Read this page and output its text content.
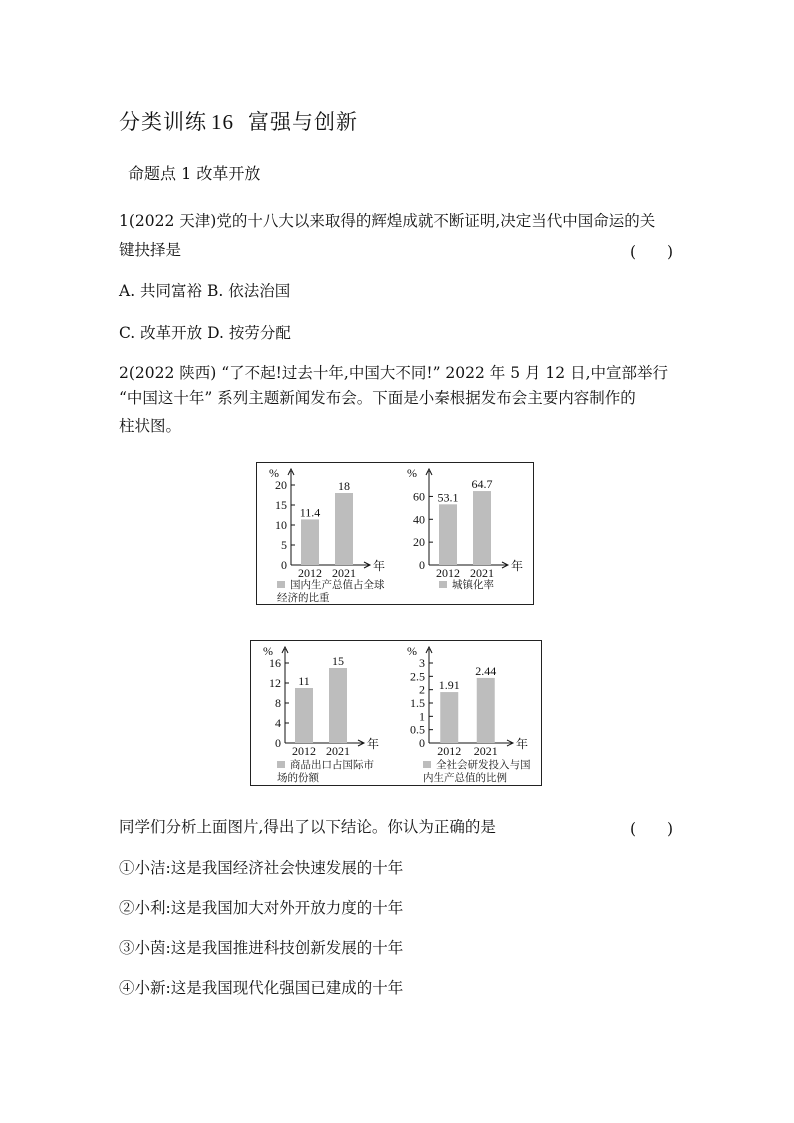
分类训练 16 富强与创新
命题点 1 改革开放
1(2022 天津)党的十八大以来取得的辉煌成就不断证明,决定当代中国命运的关
键抉择是	(　　)
A. 共同富裕 B. 依法治国
C. 改革开放 D. 按劳分配
2(2022 陕西) “了不起!过去十年,中国大不同!” 2022 年 5 月 12 日,中宣部举行
“中国这十年” 系列主题新闻发布会。下面是小秦根据发布会主要内容制作的
柱状图。
%
年
0
5
10
15
20
11.4
2012
18
2021
国内生产总值占全球经济的比重
%
年
0
20
40
60 53.1
2012
64.7
2021
城镇化率
%
年
0
4
8
12
16
11
2012
15
2021
商品出口占国际市场的份额
%
年
0
0.5
1
1.5
2
2.5
3
1.91
2012
2.44
2021
全社会研发投入与国内生产总值的比例
同学们分析上面图片,得出了以下结论。你认为正确的是	(　　)
①小洁:这是我国经济社会快速发展的十年
②小利:这是我国加大对外开放力度的十年
③小茵:这是我国推进科技创新发展的十年
④小新:这是我国现代化强国已建成的十年
